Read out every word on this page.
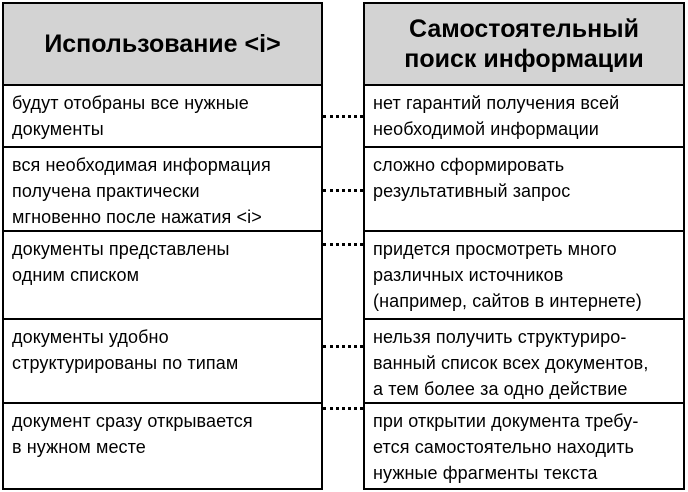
Использование <i>
будут отобраны все нужные
документы
вся необходимая информация
получена практически
мгновенно после нажатия <i>
документы представлены
одним списком
документы удобно
структурированы по типам
документ сразу открывается
в нужном месте
Самостоятельный
поиск информации
нет гарантий получения всей
необходимой информации
сложно сформировать
результативный запрос
придется просмотреть много
различных источников
(например, сайтов в интернете)
нельзя получить структуриро-
ванный список всех документов,
а тем более за одно действие
при открытии документа требу-
ется самостоятельно находить
нужные фрагменты текста
